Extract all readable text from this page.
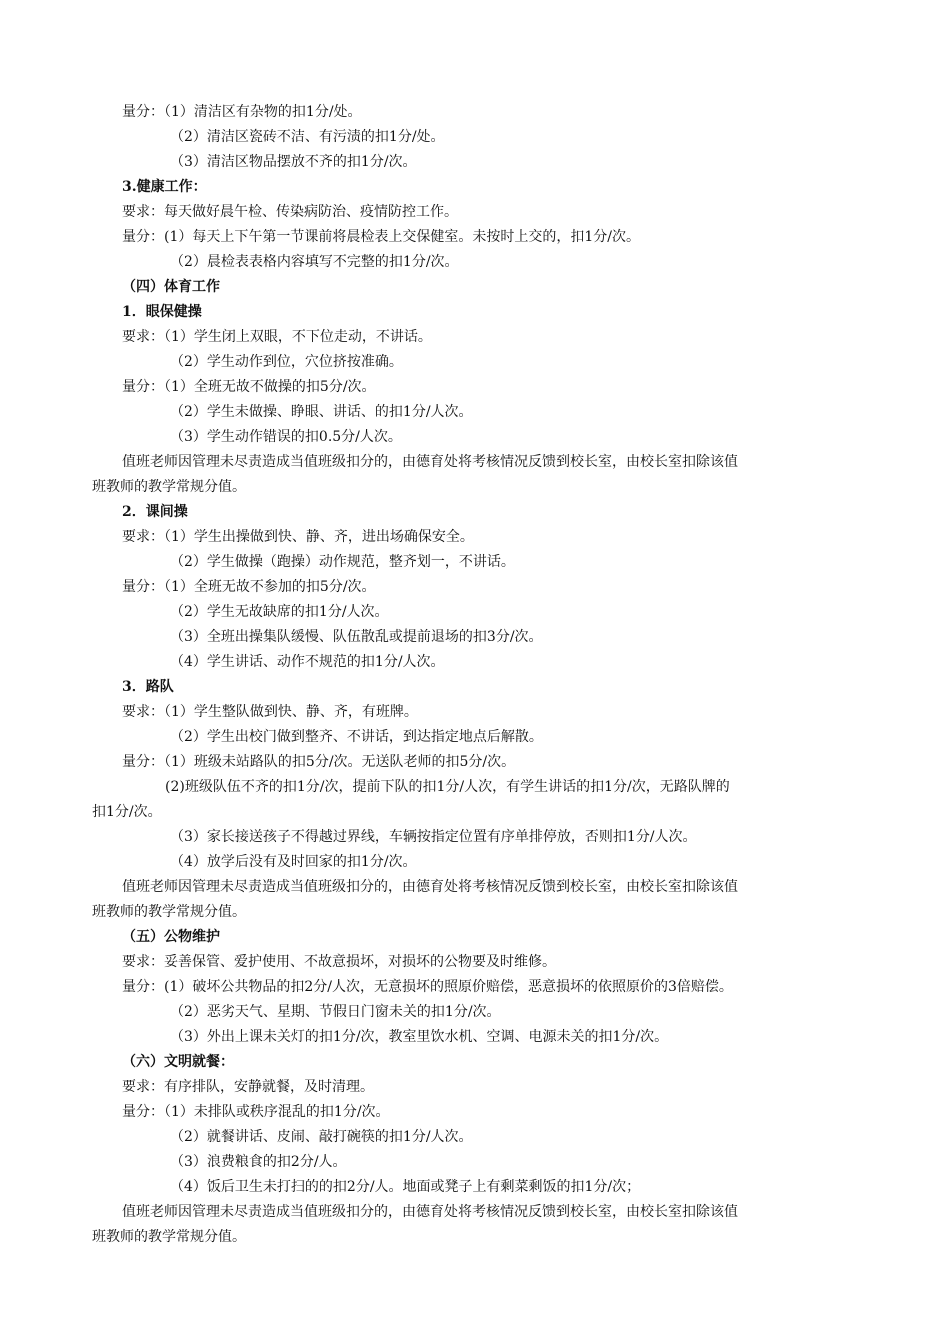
量分：（1）清洁区有杂物的扣1分/处。
（2）清洁区瓷砖不洁、有污渍的扣1分/处。
（3）清洁区物品摆放不齐的扣1分/次。
3.健康工作：
要求：每天做好晨午检、传染病防治、疫情防控工作。
量分：(1）每天上下午第一节课前将晨检表上交保健室。未按时上交的，扣1分/次。
（2）晨检表表格内容填写不完整的扣1分/次。
（四）体育工作
1．眼保健操
要求：（1）学生闭上双眼，不下位走动，不讲话。
（2）学生动作到位，穴位挤按准确。
量分：（1）全班无故不做操的扣5分/次。
（2）学生未做操、睁眼、讲话、的扣1分/人次。
（3）学生动作错误的扣0.5分/人次。
值班老师因管理未尽责造成当值班级扣分的，由德育处将考核情况反馈到校长室，由校长室扣除该值
班教师的教学常规分值。
2．课间操
要求：（1）学生出操做到快、静、齐，进出场确保安全。
（2）学生做操（跑操）动作规范，整齐划一，不讲话。
量分：（1）全班无故不参加的扣5分/次。
（2）学生无故缺席的扣1分/人次。
（3）全班出操集队缓慢、队伍散乱或提前退场的扣3分/次。
（4）学生讲话、动作不规范的扣1分/人次。
3．路队
要求：（1）学生整队做到快、静、齐，有班牌。
（2）学生出校门做到整齐、不讲话，到达指定地点后解散。
量分：（1）班级未站路队的扣5分/次。无送队老师的扣5分/次。
(2)班级队伍不齐的扣1分/次，提前下队的扣1分/人次，有学生讲话的扣1分/次，无路队牌的
扣1分/次。
（3）家长接送孩子不得越过界线，车辆按指定位置有序单排停放，否则扣1分/人次。
（4）放学后没有及时回家的扣1分/次。
值班老师因管理未尽责造成当值班级扣分的，由德育处将考核情况反馈到校长室，由校长室扣除该值
班教师的教学常规分值。
（五）公物维护
要求：妥善保管、爱护使用、不故意损坏，对损坏的公物要及时维修。
量分：(1）破坏公共物品的扣2分/人次，无意损坏的照原价赔偿，恶意损坏的依照原价的3倍赔偿。
（2）恶劣天气、星期、节假日门窗未关的扣1分/次。
（3）外出上课未关灯的扣1分/次，教室里饮水机、空调、电源未关的扣1分/次。
（六）文明就餐：
要求：有序排队，安静就餐，及时清理。
量分：（1）未排队或秩序混乱的扣1分/次。
（2）就餐讲话、皮闹、敲打碗筷的扣1分/人次。
（3）浪费粮食的扣2分/人。
（4）饭后卫生未打扫的的扣2分/人。地面或凳子上有剩菜剩饭的扣1分/次；
值班老师因管理未尽责造成当值班级扣分的，由德育处将考核情况反馈到校长室，由校长室扣除该值
班教师的教学常规分值。
